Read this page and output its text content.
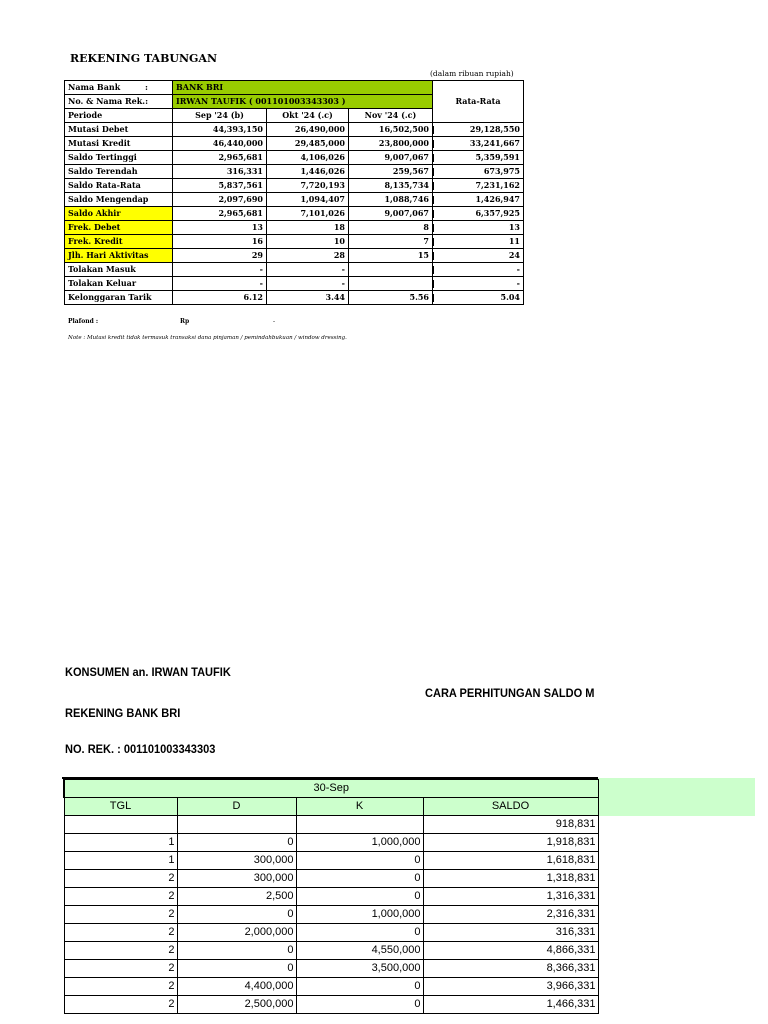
REKENING TABUNGAN
(dalam ribuan rupiah)
Nama Bank :	BANK BRI			Rata-Rata
No. & Nama Rek.:	IRWAN TAUFIK ( 001101003343303 )			
Periode	Sep '24 (b)	Okt '24 (.c)	Nov '24 (.c)	
Mutasi Debet	44,393,150	26,490,000	16,502,500	29,128,550
Mutasi Kredit	46,440,000	29,485,000	23,800,000	33,241,667
Saldo Tertinggi	2,965,681	4,106,026	9,007,067	5,359,591
Saldo Terendah	316,331	1,446,026	259,567	673,975
Saldo Rata-Rata	5,837,561	7,720,193	8,135,734	7,231,162
Saldo Mengendap	2,097,690	1,094,407	1,088,746	1,426,947
Saldo Akhir	2,965,681	7,101,026	9,007,067	6,357,925
Frek. Debet	13	18	8	13
Frek. Kredit	16	10	7	11
Jlh. Hari Aktivitas	29	28	15	24
Tolakan Masuk	-	-		-
Tolakan Keluar	-	-		-
Kelonggaran Tarik	6.12	3.44	5.56	5.04
Plafond :	Rp	-
Note : Mutasi kredit tidak termasuk transaksi dana pinjaman / pemindahbukuan / window dressing.
KONSUMEN an. IRWAN TAUFIK
CARA PERHITUNGAN SALDO M
REKENING BANK BRI
NO. REK. : 001101003343303
30-Sep			
TGL	D	K	SALDO
			918,831
1	0	1,000,000	1,918,831
1	300,000	0	1,618,831
2	300,000	0	1,318,831
2	2,500	0	1,316,331
2	0	1,000,000	2,316,331
2	2,000,000	0	316,331
2	0	4,550,000	4,866,331
2	0	3,500,000	8,366,331
2	4,400,000	0	3,966,331
2	2,500,000	0	1,466,331
